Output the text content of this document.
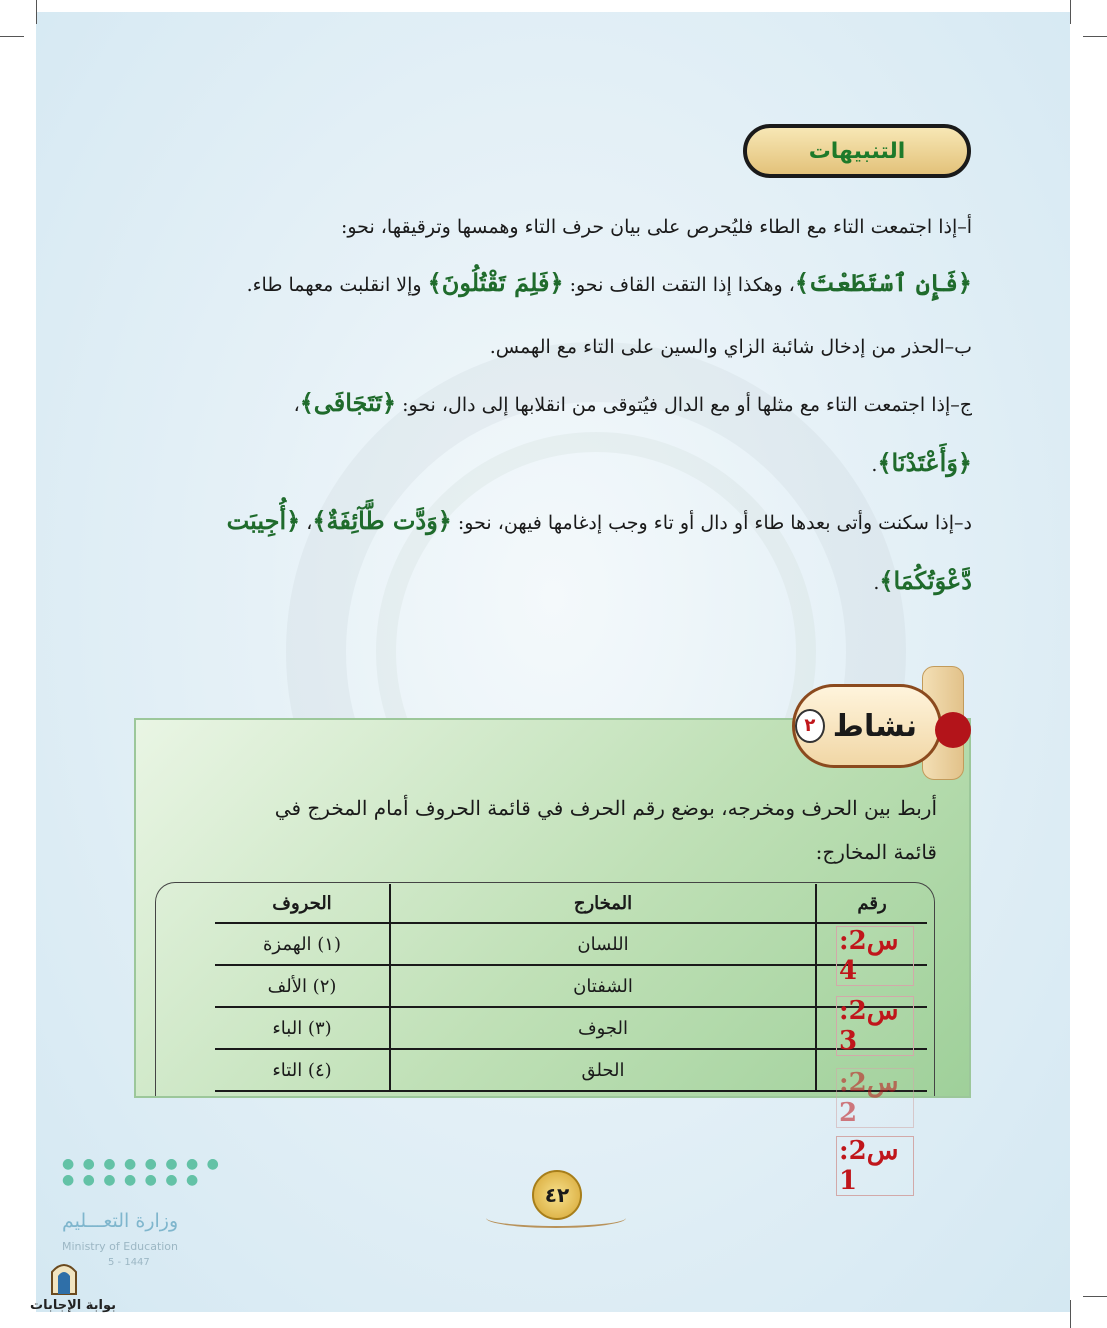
التنبيهات
أ–إذا اجتمعت التاء مع الطاء فليُحرص على بيان حرف التاء وهمسها وترقيقها، نحو:
﴿فَإِنِ ٱسْتَطَعْتَ﴾، وهكذا إذا التقت القاف نحو: ﴿فَلِمَ تَقْتُلُونَ﴾ وإلا انقلبت معهما طاء.
ب–الحذر من إدخال شائبة الزاي والسين على التاء مع الهمس.
ج–إذا اجتمعت التاء مع مثلها أو مع الدال فيُتوقى من انقلابها إلى دال، نحو: ﴿تَتَجَافَى﴾،
﴿وَأَعْتَدْنَا﴾.
د–إذا سكنت وأتى بعدها طاء أو دال أو تاء وجب إدغامها فيهن، نحو: ﴿وَدَّت طَّآئِفَةٌ﴾، ﴿أُجِيبَت
دَّعْوَتُكُمَا﴾.
نشاط
٢
أربط بين الحرف ومخرجه، بوضع رقم الحرف في قائمة الحروف أمام المخرج في
قائمة المخارج:
رقم	المخارج	الحروف
	اللسان	(١) الهمزة
	الشفتان	(٢) الألف
	الجوف	(٣) الباء
	الحلق	(٤) التاء
س2: 4
س2: 3
س2: 2
س2: 1
٤٢
● ● ● ● ● ● ● ●
● ● ● ● ● ● ●
وزارة التعـــليم
Ministry of Education
5 - 1447
بوابة الإجابات
